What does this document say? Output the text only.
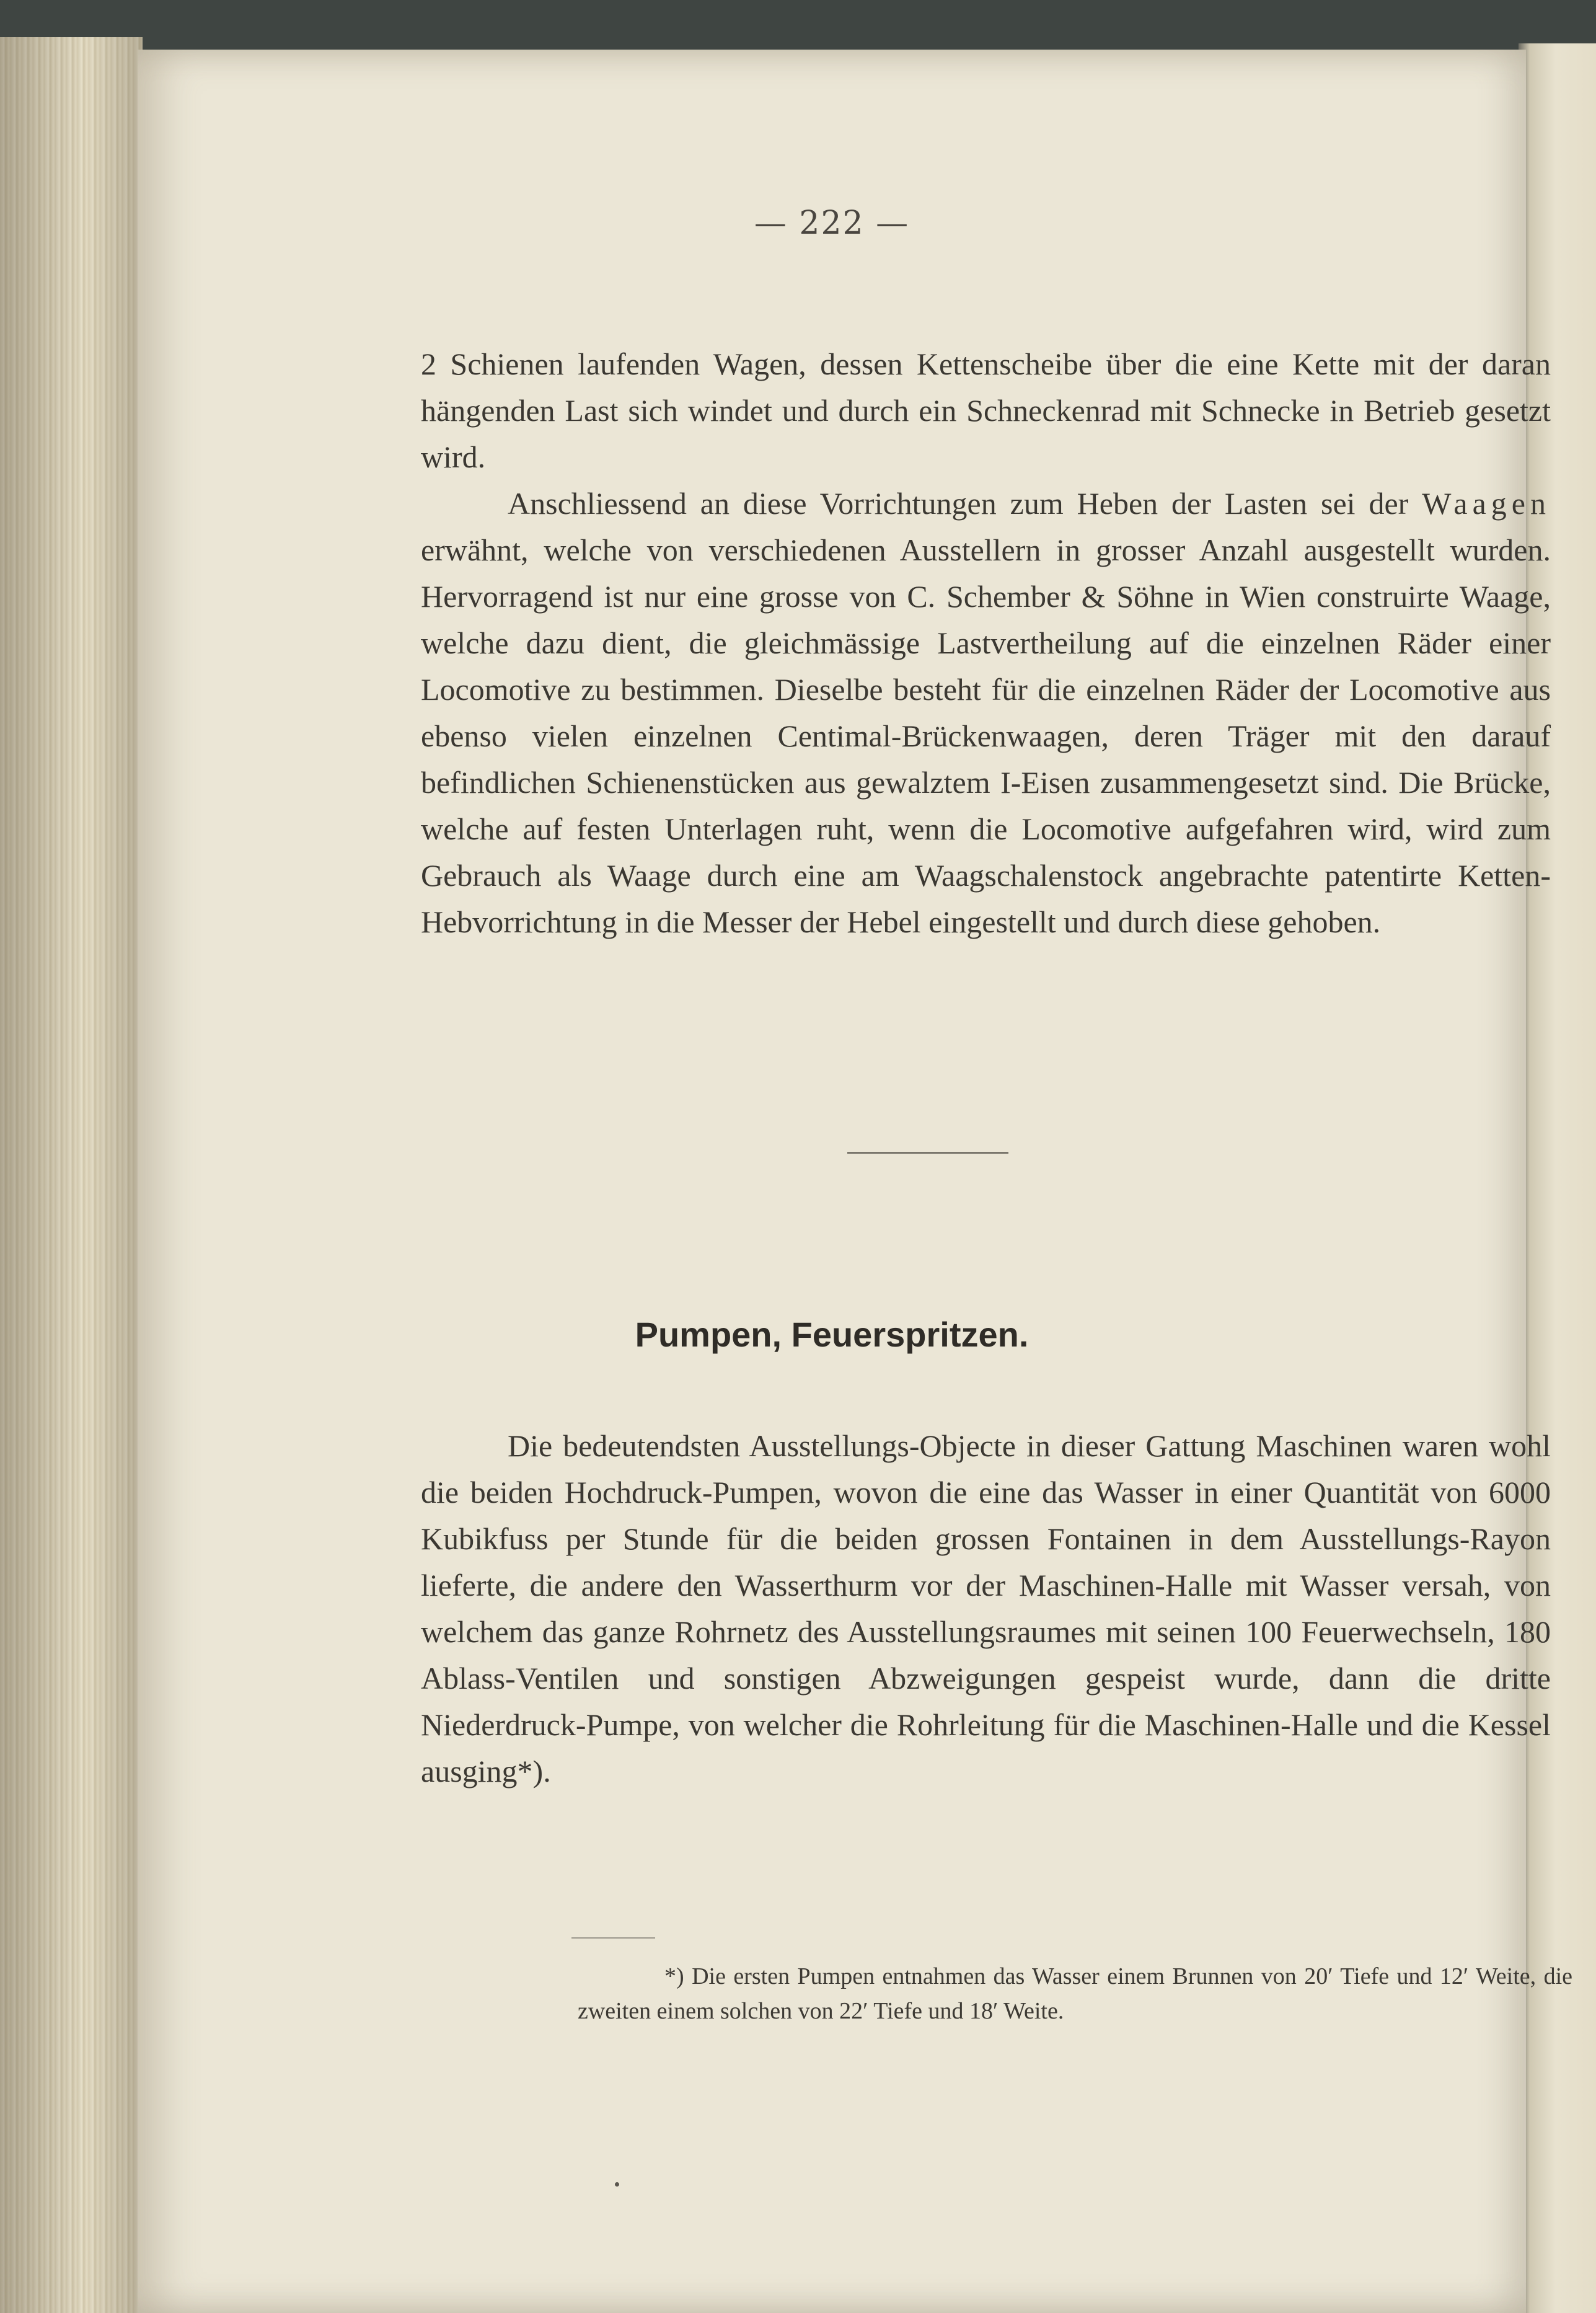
— 222 —

2 Schienen laufenden Wagen, dessen Kettenscheibe über die eine Kette mit der daran hängenden Last sich windet und durch ein Schneckenrad mit Schnecke in Betrieb gesetzt wird.

Anschliessend an diese Vorrichtungen zum Heben der Lasten sei der Waagen erwähnt, welche von verschiedenen Ausstellern in grosser Anzahl ausgestellt wurden. Hervorragend ist nur eine grosse von C. Schember & Söhne in Wien construirte Waage, welche dazu dient, die gleichmässige Lastvertheilung auf die einzelnen Räder einer Locomotive zu bestimmen. Dieselbe besteht für die einzelnen Räder der Locomotive aus ebenso vielen einzelnen Centimal-Brückenwaagen, deren Träger mit den darauf befindlichen Schienenstücken aus gewalztem I-Eisen zusammengesetzt sind. Die Brücke, welche auf festen Unterlagen ruht, wenn die Locomotive aufgefahren wird, wird zum Gebrauch als Waage durch eine am Waagschalenstock angebrachte patentirte Ketten-Hebvorrichtung in die Messer der Hebel eingestellt und durch diese gehoben.

Pumpen, Feuerspritzen.

Die bedeutendsten Ausstellungs-Objecte in dieser Gattung Maschinen waren wohl die beiden Hochdruck-Pumpen, wovon die eine das Wasser in einer Quantität von 6000 Kubikfuss per Stunde für die beiden grossen Fontainen in dem Ausstellungs-Rayon lieferte, die andere den Wasserthurm vor der Maschinen-Halle mit Wasser versah, von welchem das ganze Rohrnetz des Ausstellungsraumes mit seinen 100 Feuerwechseln, 180 Ablass-Ventilen und sonstigen Abzweigungen gespeist wurde, dann die dritte Niederdruck-Pumpe, von welcher die Rohrleitung für die Maschinen-Halle und die Kessel ausging*).

*) Die ersten Pumpen entnahmen das Wasser einem Brunnen von 20′ Tiefe und 12′ Weite, die zweiten einem solchen von 22′ Tiefe und 18′ Weite.
